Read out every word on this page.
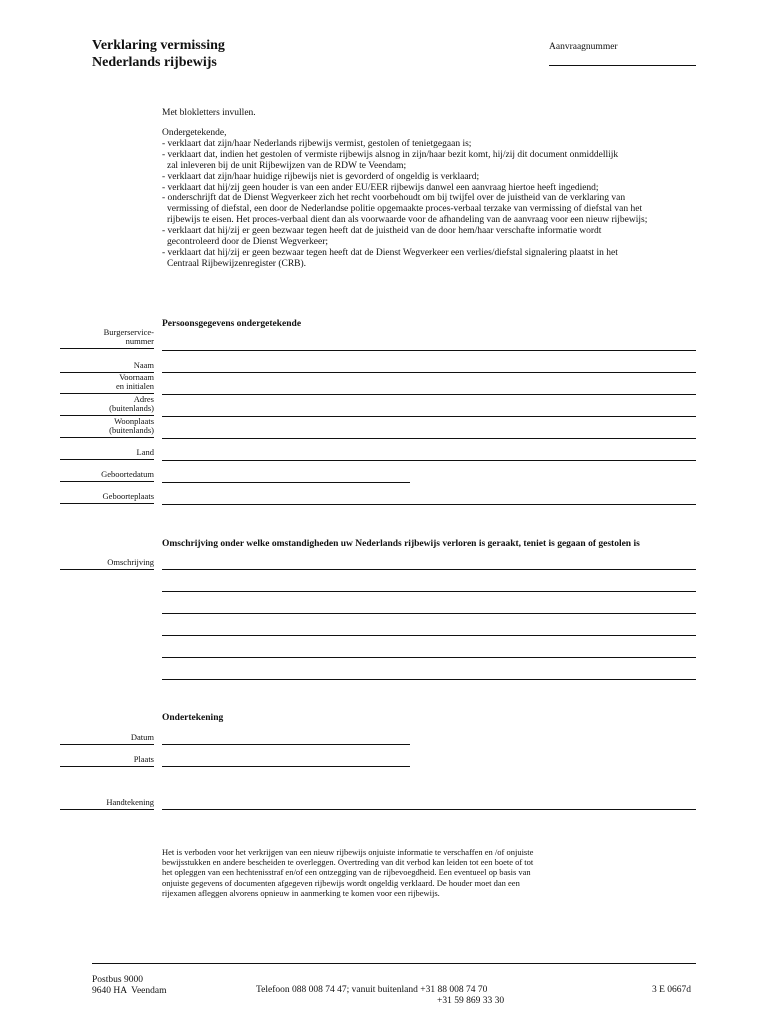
Verklaring vermissing
Nederlands rijbewijs
Aanvraagnummer
Met blokletters invullen.
Ondergetekende,
- verklaart dat zijn/haar Nederlands rijbewijs vermist, gestolen of tenietgegaan is;
- verklaart dat, indien het gestolen of vermiste rijbewijs alsnog in zijn/haar bezit komt, hij/zij dit document onmiddellijk
zal inleveren bij de unit Rijbewijzen van de RDW te Veendam;
- verklaart dat zijn/haar huidige rijbewijs niet is gevorderd of ongeldig is verklaard;
- verklaart dat hij/zij geen houder is van een ander EU/EER rijbewijs danwel een aanvraag hiertoe heeft ingediend;
- onderschrijft dat de Dienst Wegverkeer zich het recht voorbehoudt om bij twijfel over de juistheid van de verklaring van
vermissing of diefstal, een door de Nederlandse politie opgemaakte proces-verbaal terzake van vermissing of diefstal van het
rijbewijs te eisen. Het proces-verbaal dient dan als voorwaarde voor de afhandeling van de aanvraag voor een nieuw rijbewijs;
- verklaart dat hij/zij er geen bezwaar tegen heeft dat de juistheid van de door hem/haar verschafte informatie wordt
gecontroleerd door de Dienst Wegverkeer;
- verklaart dat hij/zij er geen bezwaar tegen heeft dat de Dienst Wegverkeer een verlies/diefstal signalering plaatst in het
Centraal Rijbewijzenregister (CRB).
Persoonsgegevens ondergetekende
Burgerservice-
nummer
Naam
Voornaam
en initialen
Adres
(buitenlands)
Woonplaats
(buitenlands)
Land
Geboortedatum
Geboorteplaats
Omschrijving onder welke omstandigheden uw Nederlands rijbewijs verloren is geraakt, teniet is gegaan of gestolen is
Omschrijving
Ondertekening
Datum
Plaats
Handtekening
Het is verboden voor het verkrijgen van een nieuw rijbewijs onjuiste informatie te verschaffen en /of onjuiste
bewijsstukken en andere bescheiden te overleggen. Overtreding van dit verbod kan leiden tot een boete of tot
het opleggen van een hechtenisstraf en/of een ontzegging van de rijbevoegdheid. Een eventueel op basis van
onjuiste gegevens of documenten afgegeven rijbewijs wordt ongeldig verklaard. De houder moet dan een
rijexamen afleggen alvorens opnieuw in aanmerking te komen voor een rijbewijs.
Postbus 9000
9640 HA  Veendam	Telefoon 088 008 74 47; vanuit buitenland +31 88 008 74 70
+31 59 869 33 30
3 E 0667d
